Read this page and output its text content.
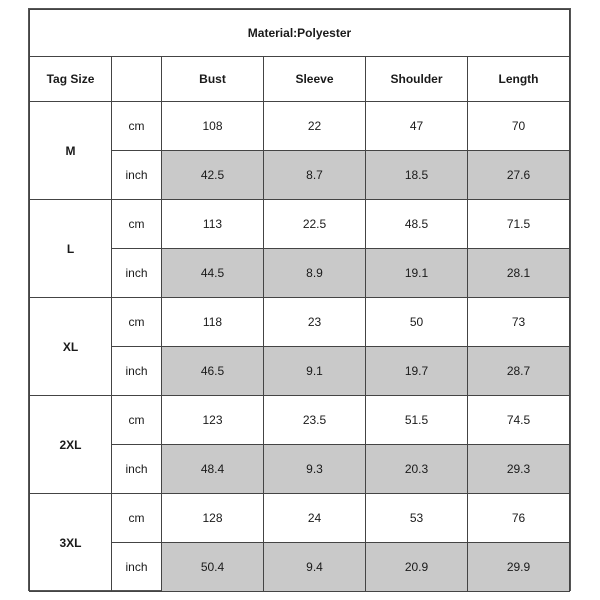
Material:Polyester					
Tag Size		Bust	Sleeve	Shoulder	Length
M	cm	108	22	47	70
	inch	42.5	8.7	18.5	27.6
L	cm	113	22.5	48.5	71.5
	inch	44.5	8.9	19.1	28.1
XL	cm	118	23	50	73
	inch	46.5	9.1	19.7	28.7
2XL	cm	123	23.5	51.5	74.5
	inch	48.4	9.3	20.3	29.3
3XL	cm	128	24	53	76
	inch	50.4	9.4	20.9	29.9
